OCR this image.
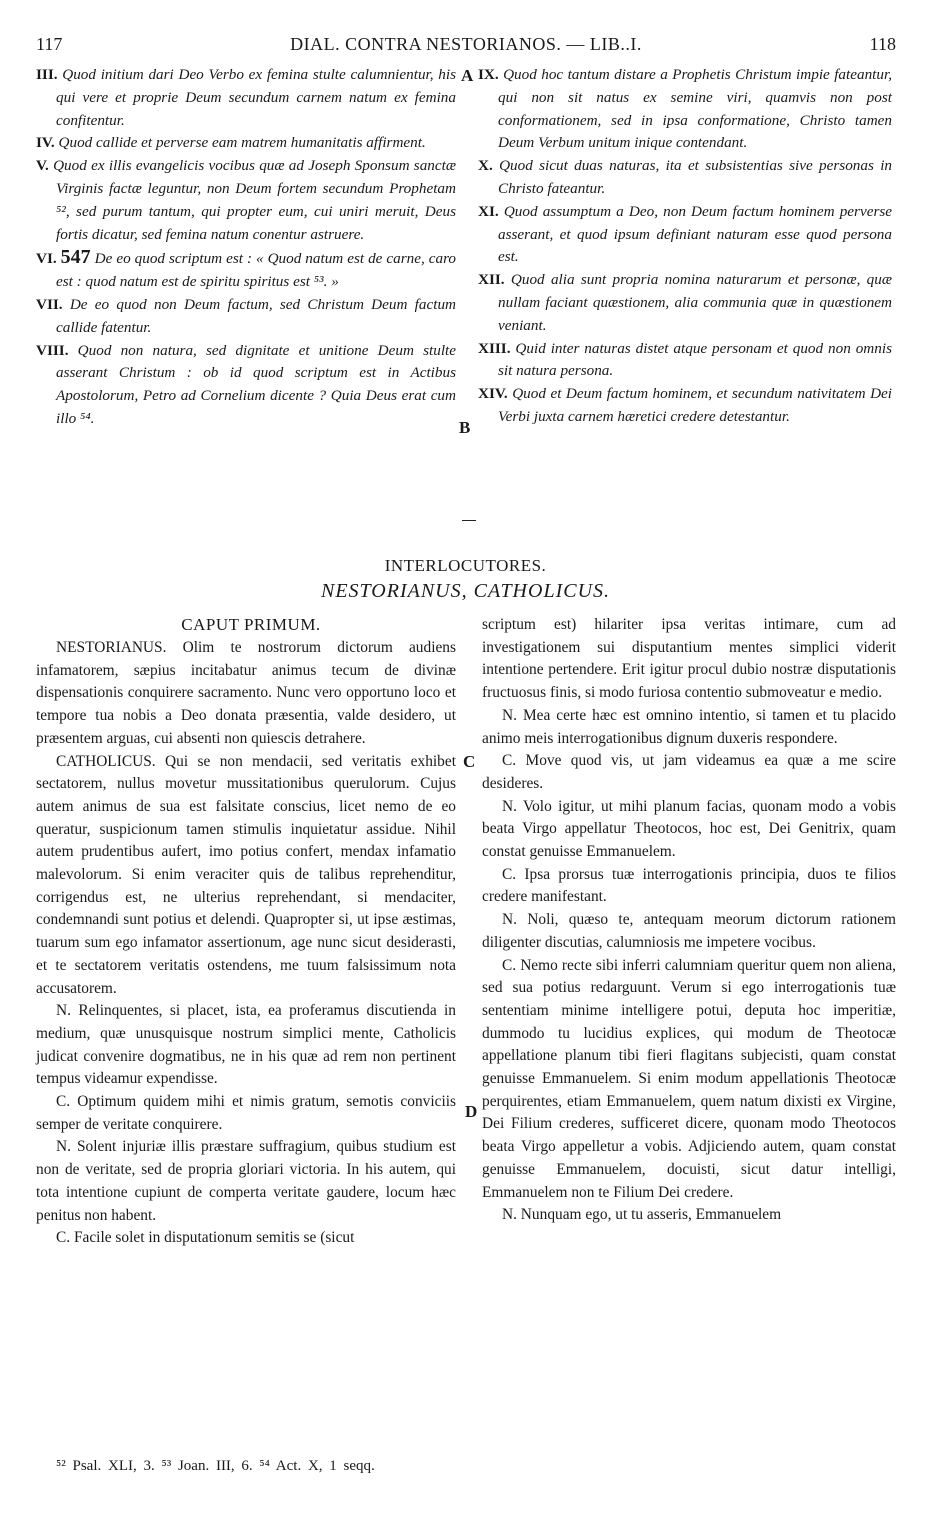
117	DIAL. CONTRA NESTORIANOS. — LIB..I.	118
III. Quod initium dari Deo Verbo ex femina stulte calumnientur, his qui vere et proprie Deum secundum carnem natum ex femina confitentur.
IV. Quod callide et perverse eam matrem humanitatis affirment.
V. Quod ex illis evangelicis vocibus quæ ad Joseph Sponsum sanctæ Virginis factæ leguntur, non Deum fortem secundum Prophetam ⁵², sed purum tantum, qui propter eum, cui uniri meruit, Deus fortis dicatur, sed femina natum conentur astruere.
VI. 547 De eo quod scriptum est : « Quod natum est de carne, caro est : quod natum est de spiritu spiritus est ⁵³. »
VII. De eo quod non Deum factum, sed Christum Deum factum callide fatentur.
VIII. Quod non natura, sed dignitate et unitione Deum stulte asserant Christum : ob id quod scriptum est in Actibus Apostolorum, Petro ad Cornelium dicente ? Quia Deus erat cum illo ⁵⁴.
A
B
C
D
IX. Quod hoc tantum distare a Prophetis Christum impie fateantur, qui non sit natus ex semine viri, quamvis non post conformationem, sed in ipsa conformatione, Christo tamen Deum Verbum unitum inique contendant.
X. Quod sicut duas naturas, ita et subsistentias sive personas in Christo fateantur.
XI. Quod assumptum a Deo, non Deum factum hominem perverse asserant, et quod ipsum definiant naturam esse quod persona est.
XII. Quod alia sunt propria nomina naturarum et personæ, quæ nullam faciant quæstionem, alia communia quæ in quæstionem veniant.
XIII. Quid inter naturas distet atque personam et quod non omnis sit natura persona.
XIV. Quod et Deum factum hominem, et secundum nativitatem Dei Verbi juxta carnem hæretici credere detestantur.
INTERLOCUTORES.
NESTORIANUS, CATHOLICUS.
CAPUT PRIMUM.

NESTORIANUS. Olim te nostrorum dictorum audiens infamatorem, sæpius incitabatur animus tecum de divinæ dispensationis conquirere sacramento. Nunc vero opportuno loco et tempore tua nobis a Deo donata præsentia, valde desidero, ut præsentem arguas, cui absenti non quiescis detrahere.

CATHOLICUS. Qui se non mendacii, sed veritatis exhibet sectatorem, nullus movetur mussitationibus querulorum. Cujus autem animus de sua est falsitate conscius, licet nemo de eo queratur, suspicionum tamen stimulis inquietatur assidue. Nihil autem prudentibus aufert, imo potius confert, mendax infamatio malevolorum. Si enim veraciter quis de talibus reprehenditur, corrigendus est, ne ulterius reprehendant, si mendaciter, condemnandi sunt potius et delendi. Quapropter si, ut ipse æstimas, tuarum sum ego infamator assertionum, age nunc sicut desiderasti, et te sectatorem veritatis ostendens, me tuum falsissimum nota accusatorem.

N. Relinquentes, si placet, ista, ea proferamus discutienda in medium, quæ unusquisque nostrum simplici mente, Catholicis judicat convenire dogmatibus, ne in his quæ ad rem non pertinent tempus videamur expendisse.

C. Optimum quidem mihi et nimis gratum, semotis conviciis semper de veritate conquirere.

N. Solent injuriæ illis præstare suffragium, quibus studium est non de veritate, sed de propria gloriari victoria. In his autem, qui tota intentione cupiunt de comperta veritate gaudere, locum hæc penitus non habent.

C. Facile solet in disputationum semitis se (sicut

scriptum est) hilariter ipsa veritas intimare, cum ad investigationem sui disputantium mentes simplici viderit intentione pertendere. Erit igitur procul dubio nostræ disputationis fructuosus finis, si modo furiosa contentio submoveatur e medio.

N. Mea certe hæc est omnino intentio, si tamen et tu placido animo meis interrogationibus dignum duxeris respondere.

C. Move quod vis, ut jam videamus ea quæ a me scire desideres.

N. Volo igitur, ut mihi planum facias, quonam modo a vobis beata Virgo appellatur Theotocos, hoc est, Dei Genitrix, quam constat genuisse Emmanuelem.

C. Ipsa prorsus tuæ interrogationis principia, duos te filios credere manifestant.

N. Noli, quæso te, antequam meorum dictorum rationem diligenter discutias, calumniosis me impetere vocibus.

C. Nemo recte sibi inferri calumniam queritur quem non aliena, sed sua potius redarguunt. Verum si ego interrogationis tuæ sententiam minime intelligere potui, deputa hoc imperitiæ, dummodo tu lucidius explices, qui modum de Theotocæ appellatione planum tibi fieri flagitans subjecisti, quam constat genuisse Emmanuelem. Si enim modum appellationis Theotocæ perquirentes, etiam Emmanuelem, quem natum dixisti ex Virgine, Dei Filium crederes, sufficeret dicere, quonam modo Theotocos beata Virgo appelletur a vobis. Adjiciendo autem, quam constat genuisse Emmanuelem, docuisti, sicut datur intelligi, Emmanuelem non te Filium Dei credere.

N. Nunquam ego, ut tu asseris, Emmanuelem

⁵² Psal. XLI, 3. ⁵³ Joan. III, 6. ⁵⁴ Act. X, 1 seqq.
